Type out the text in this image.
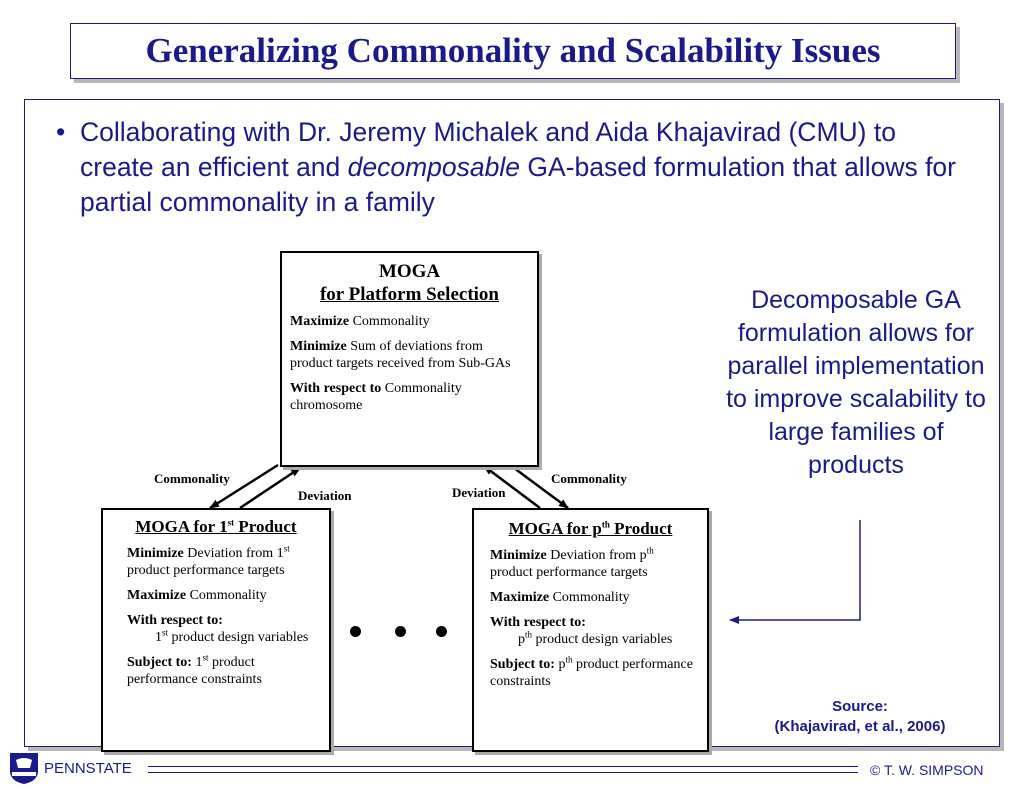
Generalizing Commonality and Scalability Issues
• Collaborating with Dr. Jeremy Michalek and Aida Khajavirad (CMU) to create an efficient and decomposable GA-based formulation that allows for partial commonality in a family
MOGA
for Platform Selection

Maximize Commonality

Minimize Sum of deviations from product targets received from Sub-GAs

With respect to Commonality chromosome

Commonality
Deviation	Deviation
Commonality
MOGA for 1st Product

Minimize Deviation from 1st product performance targets

Maximize Commonality

With respect to:

1st product design variables

Subject to: 1st product performance constraints

MOGA for $p^{th}$ Product

Minimize Deviation from $p^{th}$ product performance targets

Maximize Commonality

With respect to:

$p^{th}$ product design variables

Subject to: $p^{th}$ product performance constraints

Decomposable GA formulation allows for parallel implementation to improve scalability to large families of products
Source:
(Khajavirad, et al., 2006)
PENNSTATE	© T. W. SIMPSON
